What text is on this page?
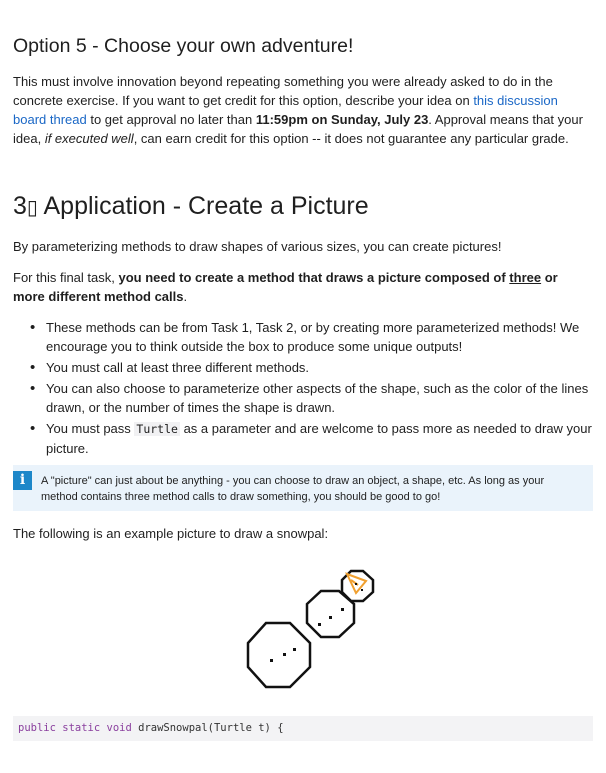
Option 5 - Choose your own adventure!

This must involve innovation beyond repeating something you were already asked to do in the concrete exercise. If you want to get credit for this option, describe your idea on this discussion board thread to get approval no later than 11:59pm on Sunday, July 23. Approval means that your idea, if executed well, can earn credit for this option -- it does not guarantee any particular grade.

3▯ Application - Create a Picture

By parameterizing methods to draw shapes of various sizes, you can create pictures!

For this final task, you need to create a method that draws a picture composed of three or more different method calls.

• These methods can be from Task 1, Task 2, or by creating more parameterized methods! We encourage you to think outside the box to produce some unique outputs!
• You must call at least three different methods.
• You can also choose to parameterize other aspects of the shape, such as the color of the lines drawn, or the number of times the shape is drawn.
• You must pass Turtle as a parameter and are welcome to pass more as needed to draw your picture.
i	A "picture" can just about be anything - you can choose to draw an object, a shape, etc. As long as your method contains three method calls to draw something, you should be good to go!

The following is an example picture to draw a snowpal:

public static void drawSnowpal(Turtle t) {
